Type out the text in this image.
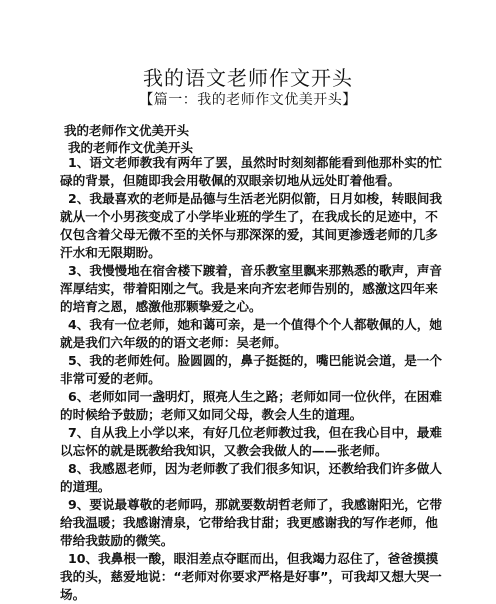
我的语文老师作文开头
【篇一：我的老师作文优美开头】
我的老师作文优美开头
我的老师作文优美开头

1、语文老师教我有两年了罢，虽然时时刻刻都能看到他那朴实的忙碌的背景，但随即我会用敬佩的双眼亲切地从远处盯着他看。

2、我最喜欢的老师是品德与生活老光阴似箭，日月如梭，转眼间我就从一个小男孩变成了小学毕业班的学生了，在我成长的足迹中，不仅包含着父母无微不至的关怀与那深深的爱，其间更渗透老师的几多汗水和无限期盼。

3、我慢慢地在宿舍楼下踱着，音乐教室里飘来那熟悉的歌声，声音浑厚结实，带着阳刚之气。我是来向齐宏老师告别的，感激这四年来的培育之恩，感激他那颗挚爱之心。

4、我有一位老师，她和蔼可亲，是一个值得个个人都敬佩的人，她就是我们六年级的的语文老师：吴老师。

5、我的老师姓何。脸圆圆的，鼻子挺挺的，嘴巴能说会道，是一个非常可爱的老师。

6、老师如同一盏明灯，照亮人生之路；老师如同一位伙伴，在困难的时候给予鼓励；老师又如同父母，教会人生的道理。

7、自从我上小学以来，有好几位老师教过我，但在我心目中，最难以忘怀的就是既教给我知识，又教会我做人的——张老师。

8、我感恩老师，因为老师教了我们很多知识，还教给我们许多做人的道理。

9、要说最尊敬的老师吗，那就要数胡哲老师了，我感谢阳光，它带给我温暖；我感谢清泉，它带给我甘甜；我更感谢我的写作老师，他带给我鼓励的微笑。

10、我鼻根一酸，眼泪差点夺眶而出，但我竭力忍住了，爸爸摸摸我的头，慈爱地说：“老师对你要求严格是好事”，可我却又想大哭一场。
